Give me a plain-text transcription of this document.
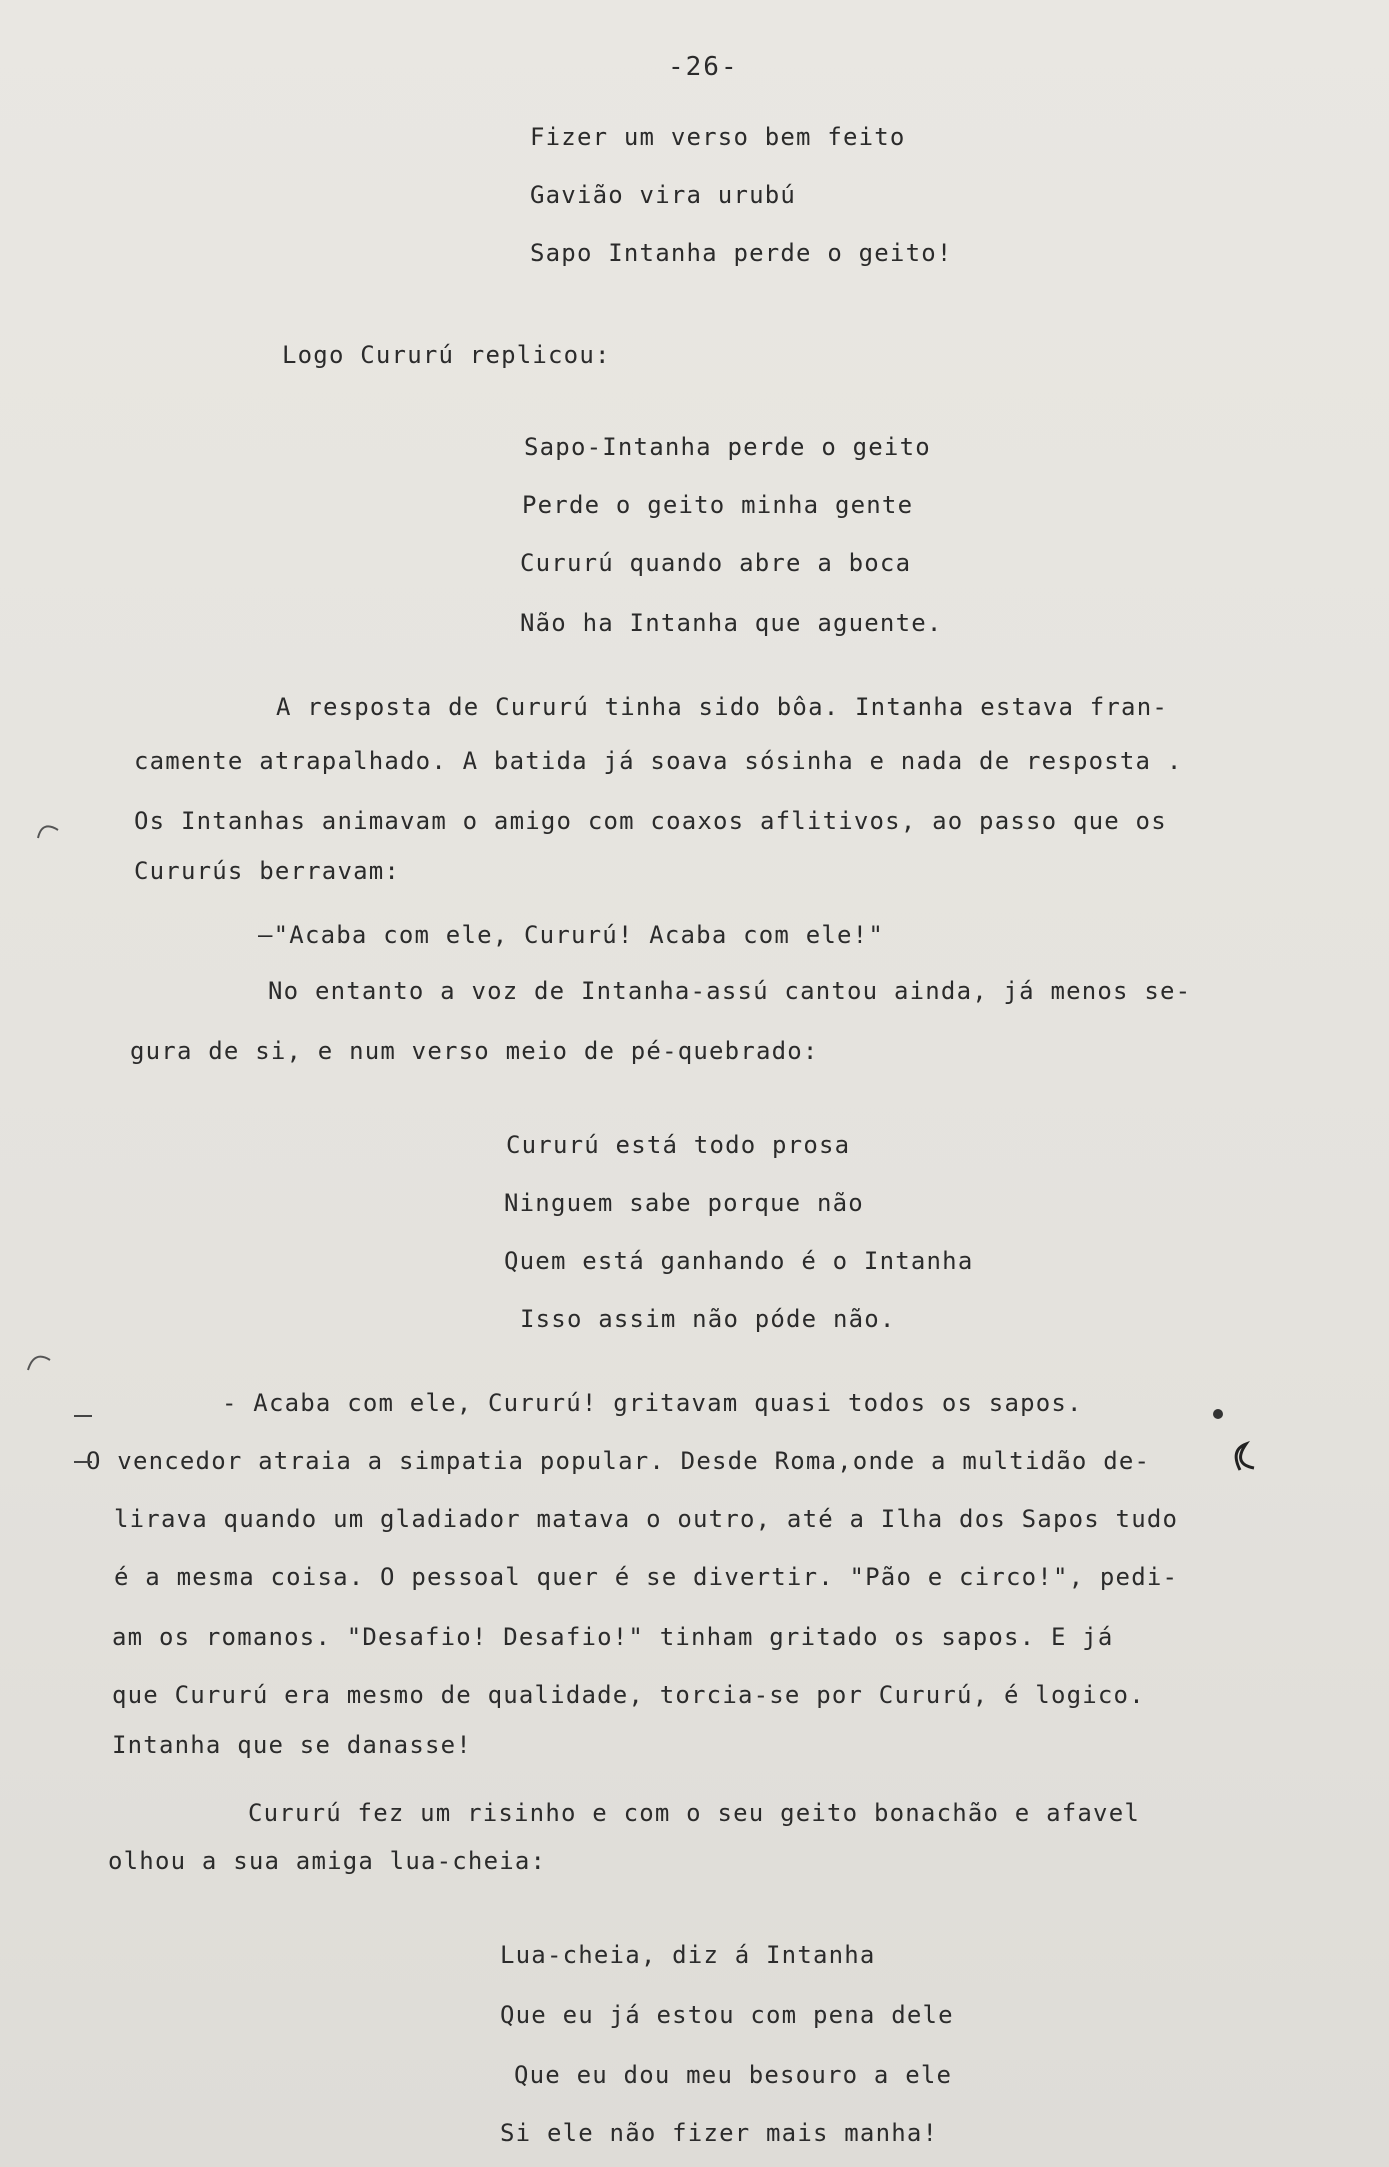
-26-
Fizer um verso bem feito
Gavião vira urubú
Sapo Intanha perde o geito!
Logo Cururú replicou:
Sapo-Intanha perde o geito
Perde o geito minha gente
Cururú quando abre a boca
Não ha Intanha que aguente.
A resposta de Cururú tinha sido bôa. Intanha estava fran-
camente atrapalhado. A batida já soava sósinha e nada de resposta .
Os Intanhas animavam o amigo com coaxos aflitivos, ao passo que os
Cururús berravam:
—"Acaba com ele, Cururú! Acaba com ele!"
No entanto a voz de Intanha-assú cantou ainda, já menos se-
gura de si, e num verso meio de pé-quebrado:
Cururú está todo prosa
Ninguem sabe porque não
Quem está ganhando é o Intanha
Isso assim não póde não.
- Acaba com ele, Cururú! gritavam quasi todos os sapos.
O vencedor atraia a simpatia popular. Desde Roma,onde a multidão de-
lirava quando um gladiador matava o outro, até a Ilha dos Sapos tudo
é a mesma coisa. O pessoal quer é se divertir. "Pão e circo!", pedi-
am os romanos. "Desafio! Desafio!" tinham gritado os sapos. E já
que Cururú era mesmo de qualidade, torcia-se por Cururú, é logico.
Intanha que se danasse!
Cururú fez um risinho e com o seu geito bonachão e afavel
olhou a sua amiga lua-cheia:
Lua-cheia, diz á Intanha
Que eu já estou com pena dele
Que eu dou meu besouro a ele
Si ele não fizer mais manha!
